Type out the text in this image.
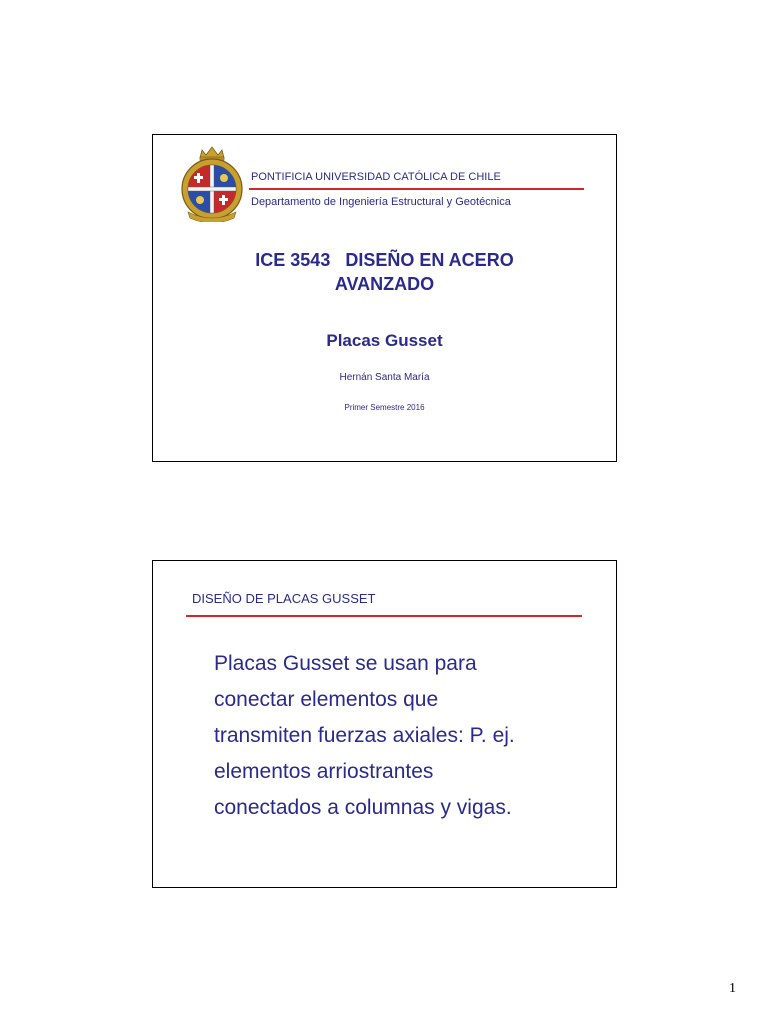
PONTIFICIA UNIVERSIDAD CATÓLICA DE CHILE
Departamento de Ingeniería Estructural y Geotécnica
ICE 3543   DISEÑO EN ACERO
AVANZADO
Placas Gusset
Hernán Santa María
Primer Semestre 2016
DISEÑO DE PLACAS GUSSET
Placas Gusset se usan para
conectar elementos que
transmiten fuerzas axiales: P. ej.
elementos arriostrantes
conectados a columnas y vigas.
1
